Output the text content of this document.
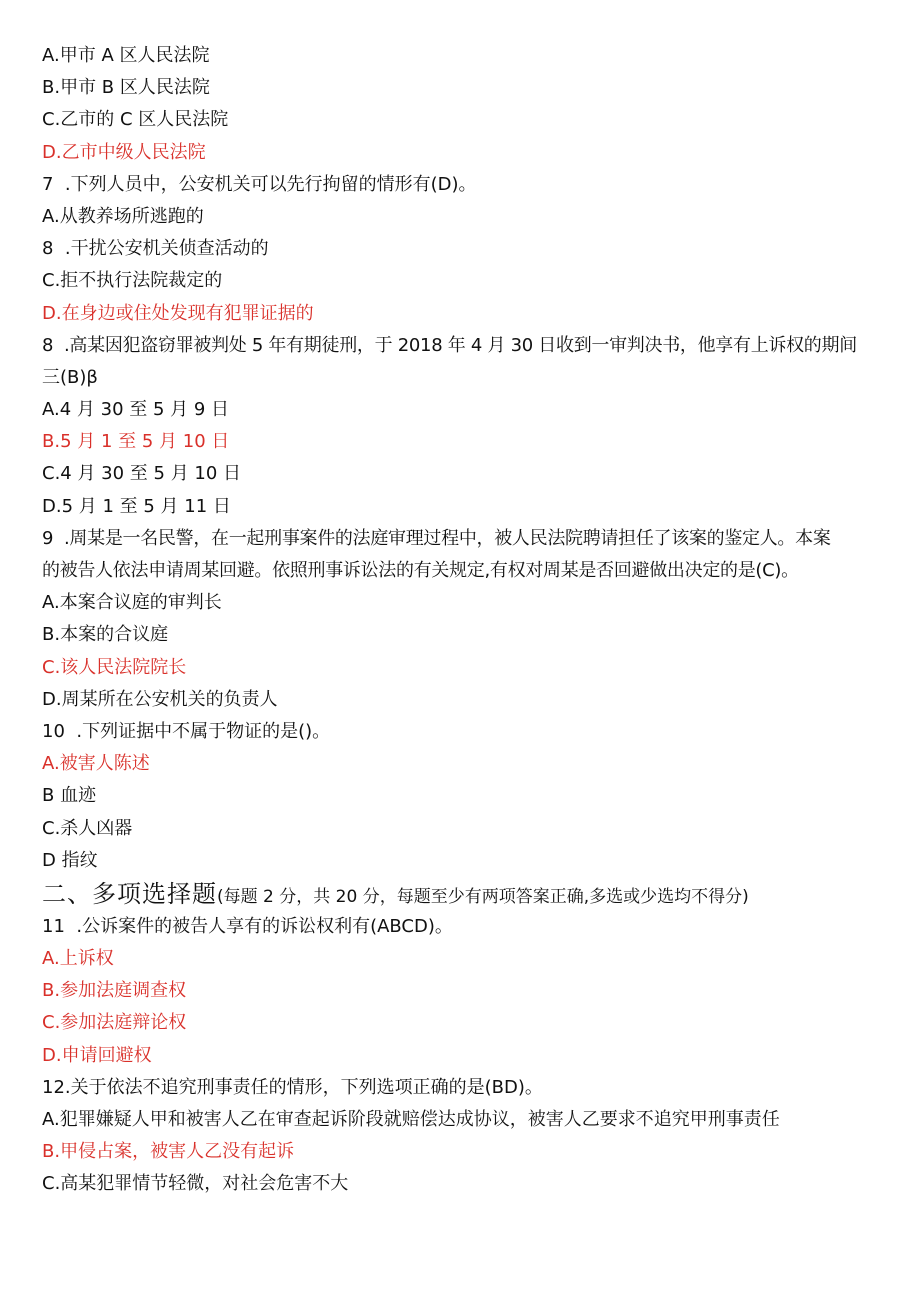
A.甲市 A 区人民法院
B.甲市 B 区人民法院
C.乙市的 C 区人民法院
D.乙市中级人民法院
7  .下列人员中，公安机关可以先行拘留的情形有(D)。
A.从教养场所逃跑的
8  .干扰公安机关侦查活动的
C.拒不执行法院裁定的
D.在身边或住处发现有犯罪证据的
8  .高某因犯盗窃罪被判处 5 年有期徒刑，于 2018 年 4 月 30 日收到一审判决书，他享有上诉权的期间
三(B)β
A.4 月 30 至 5 月 9 日
B.5 月 1 至 5 月 10 日
C.4 月 30 至 5 月 10 日
D.5 月 1 至 5 月 11 日
9  .周某是一名民警，在一起刑事案件的法庭审理过程中，被人民法院聘请担任了该案的鉴定人。本案
的被告人依法申请周某回避。依照刑事诉讼法的有关规定,有权对周某是否回避做出决定的是(C)。
A.本案合议庭的审判长
B.本案的合议庭
C.该人民法院院长
D.周某所在公安机关的负责人
10  .下列证据中不属于物证的是()。
A.被害人陈述
B 血迹
C.杀人凶器
D 指纹
二、多项选择题(每题 2 分，共 20 分，每题至少有两项答案正确,多选或少选均不得分)
11  .公诉案件的被告人享有的诉讼权利有(ABCD)。
A.上诉权
B.参加法庭调查权
C.参加法庭辩论权
D.申请回避权
12.关于依法不追究刑事责任的情形，下列选项正确的是(BD)。
A.犯罪嫌疑人甲和被害人乙在审查起诉阶段就赔偿达成协议，被害人乙要求不追究甲刑事责任
B.甲侵占案，被害人乙没有起诉
C.高某犯罪情节轻微，对社会危害不大
